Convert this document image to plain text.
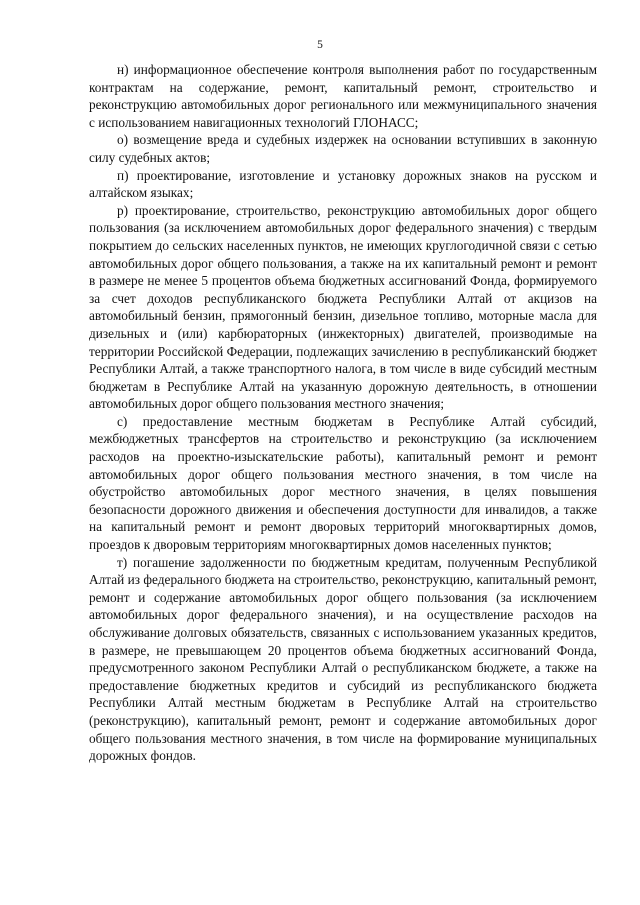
5

н) информационное обеспечение контроля выполнения работ по государственным контрактам на содержание, ремонт, капитальный ремонт, строительство и реконструкцию автомобильных дорог регионального или межмуниципального значения с использованием навигационных технологий ГЛОНАСС;

о) возмещение вреда и судебных издержек на основании вступивших в законную силу судебных актов;

п) проектирование, изготовление и установку дорожных знаков на русском и алтайском языках;

р) проектирование, строительство, реконструкцию автомобильных дорог общего пользования (за исключением автомобильных дорог федерального значения) с твердым покрытием до сельских населенных пунктов, не имеющих круглогодичной связи с сетью автомобильных дорог общего пользования, а также на их капитальный ремонт и ремонт в размере не менее 5 процентов объема бюджетных ассигнований Фонда, формируемого за счет доходов республиканского бюджета Республики Алтай от акцизов на автомобильный бензин, прямогонный бензин, дизельное топливо, моторные масла для дизельных и (или) карбюраторных (инжекторных) двигателей, производимые на территории Российской Федерации, подлежащих зачислению в республиканский бюджет Республики Алтай, а также транспортного налога, в том числе в виде субсидий местным бюджетам в Республике Алтай на указанную дорожную деятельность, в отношении автомобильных дорог общего пользования местного значения;

с) предоставление местным бюджетам в Республике Алтай субсидий, межбюджетных трансфертов на строительство и реконструкцию (за исключением расходов на проектно-изыскательские работы), капитальный ремонт и ремонт автомобильных дорог общего пользования местного значения, в том числе на обустройство автомобильных дорог местного значения, в целях повышения безопасности дорожного движения и обеспечения доступности для инвалидов, а также на капитальный ремонт и ремонт дворовых территорий многоквартирных домов, проездов к дворовым территориям многоквартирных домов населенных пунктов;

т) погашение задолженности по бюджетным кредитам, полученным Республикой Алтай из федерального бюджета на строительство, реконструкцию, капитальный ремонт, ремонт и содержание автомобильных дорог общего пользования (за исключением автомобильных дорог федерального значения), и на осуществление расходов на обслуживание долговых обязательств, связанных с использованием указанных кредитов, в размере, не превышающем 20 процентов объема бюджетных ассигнований Фонда, предусмотренного законом Республики Алтай о республиканском бюджете, а также на предоставление бюджетных кредитов и субсидий из республиканского бюджета Республики Алтай местным бюджетам в Республике Алтай на строительство (реконструкцию), капитальный ремонт, ремонт и содержание автомобильных дорог общего пользования местного значения, в том числе на формирование муниципальных дорожных фондов.
